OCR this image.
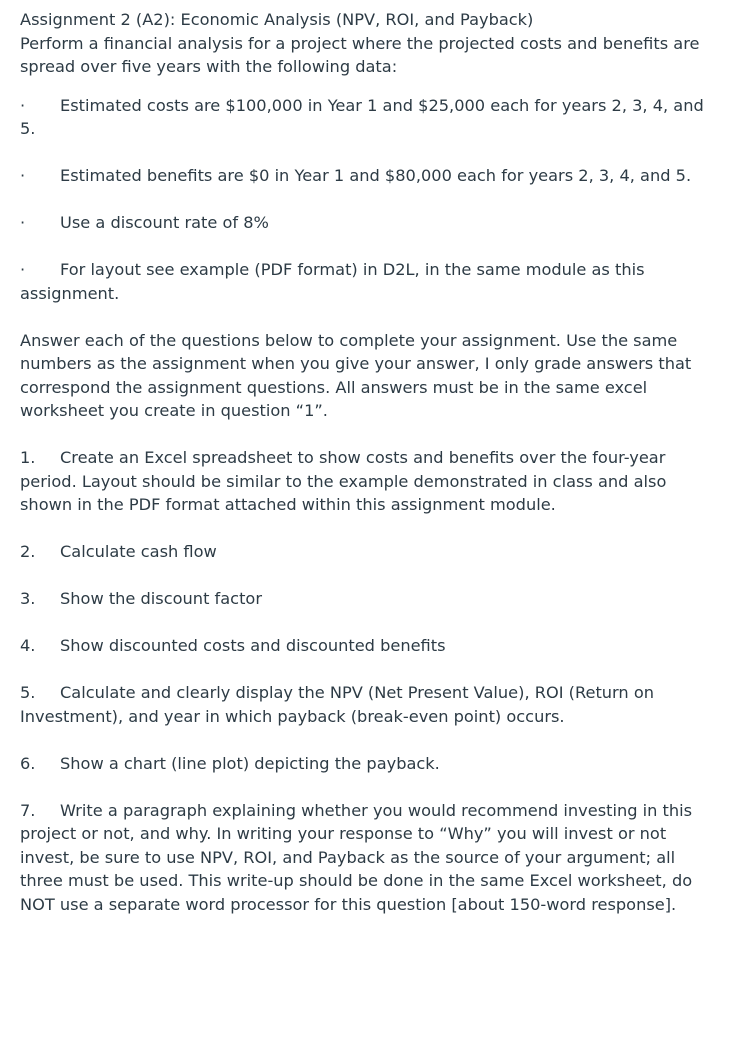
Assignment 2 (A2): Economic Analysis (NPV, ROI, and Payback)

Perform a financial analysis for a project where the projected costs and benefits are spread over five years with the following data:

· Estimated costs are $100,000 in Year 1 and $25,000 each for years 2, 3, 4, and 5.

· Estimated benefits are $0 in Year 1 and $80,000 each for years 2, 3, 4, and 5.

· Use a discount rate of 8%

· For layout see example (PDF format) in D2L, in the same module as this assignment.

Answer each of the questions below to complete your assignment. Use the same numbers as the assignment when you give your answer, I only grade answers that correspond the assignment questions. All answers must be in the same excel worksheet you create in question “1”.

1. Create an Excel spreadsheet to show costs and benefits over the four-year period. Layout should be similar to the example demonstrated in class and also shown in the PDF format attached within this assignment module.

2. Calculate cash flow

3. Show the discount factor

4. Show discounted costs and discounted benefits

5. Calculate and clearly display the NPV (Net Present Value), ROI (Return on Investment), and year in which payback (break-even point) occurs.

6. Show a chart (line plot) depicting the payback.

7. Write a paragraph explaining whether you would recommend investing in this project or not, and why. In writing your response to “Why” you will invest or not invest, be sure to use NPV, ROI, and Payback as the source of your argument; all three must be used. This write-up should be done in the same Excel worksheet, do NOT use a separate word processor for this question [about 150-word response].
